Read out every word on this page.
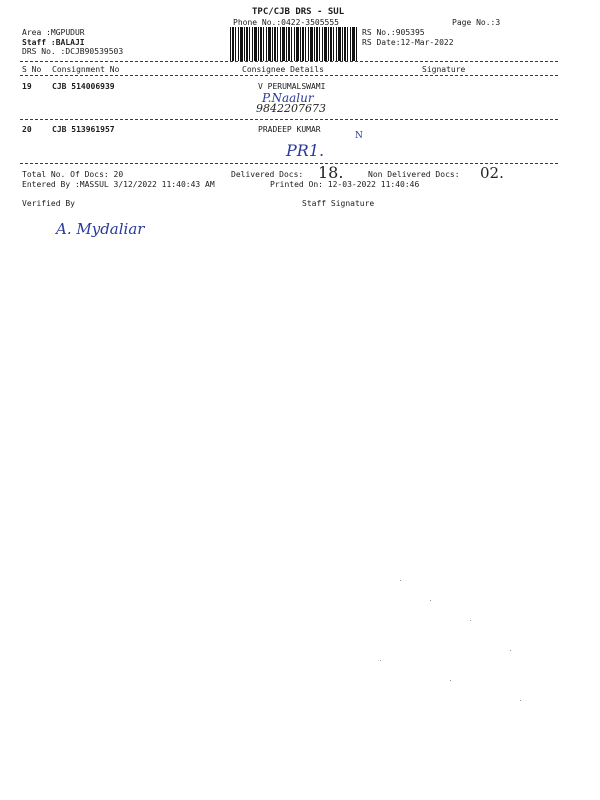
TPC/CJB DRS - SUL
Phone No.:0422-3505555	Page No.:3
Area :MGPUDUR
Staff :BALAJI
DRS No. :DCJB90539503
RS No.:905395
RS Date:12-Mar-2022
S No Consignment No	Consignee Details	Signature
19	CJB 514006939	V PERUMALSWAMI
P.Naalur
9842207673
20	CJB 513961957	PRADEEP KUMAR
N
PR1.
Total No. Of Docs: 20	Delivered Docs: 18.	Non Delivered Docs: 02.
Entered By :MASSUL 3/12/2022 11:40:43 AM	Printed On: 12-03-2022 11:40:46
Verified By	Staff Signature
A. Mydaliar
